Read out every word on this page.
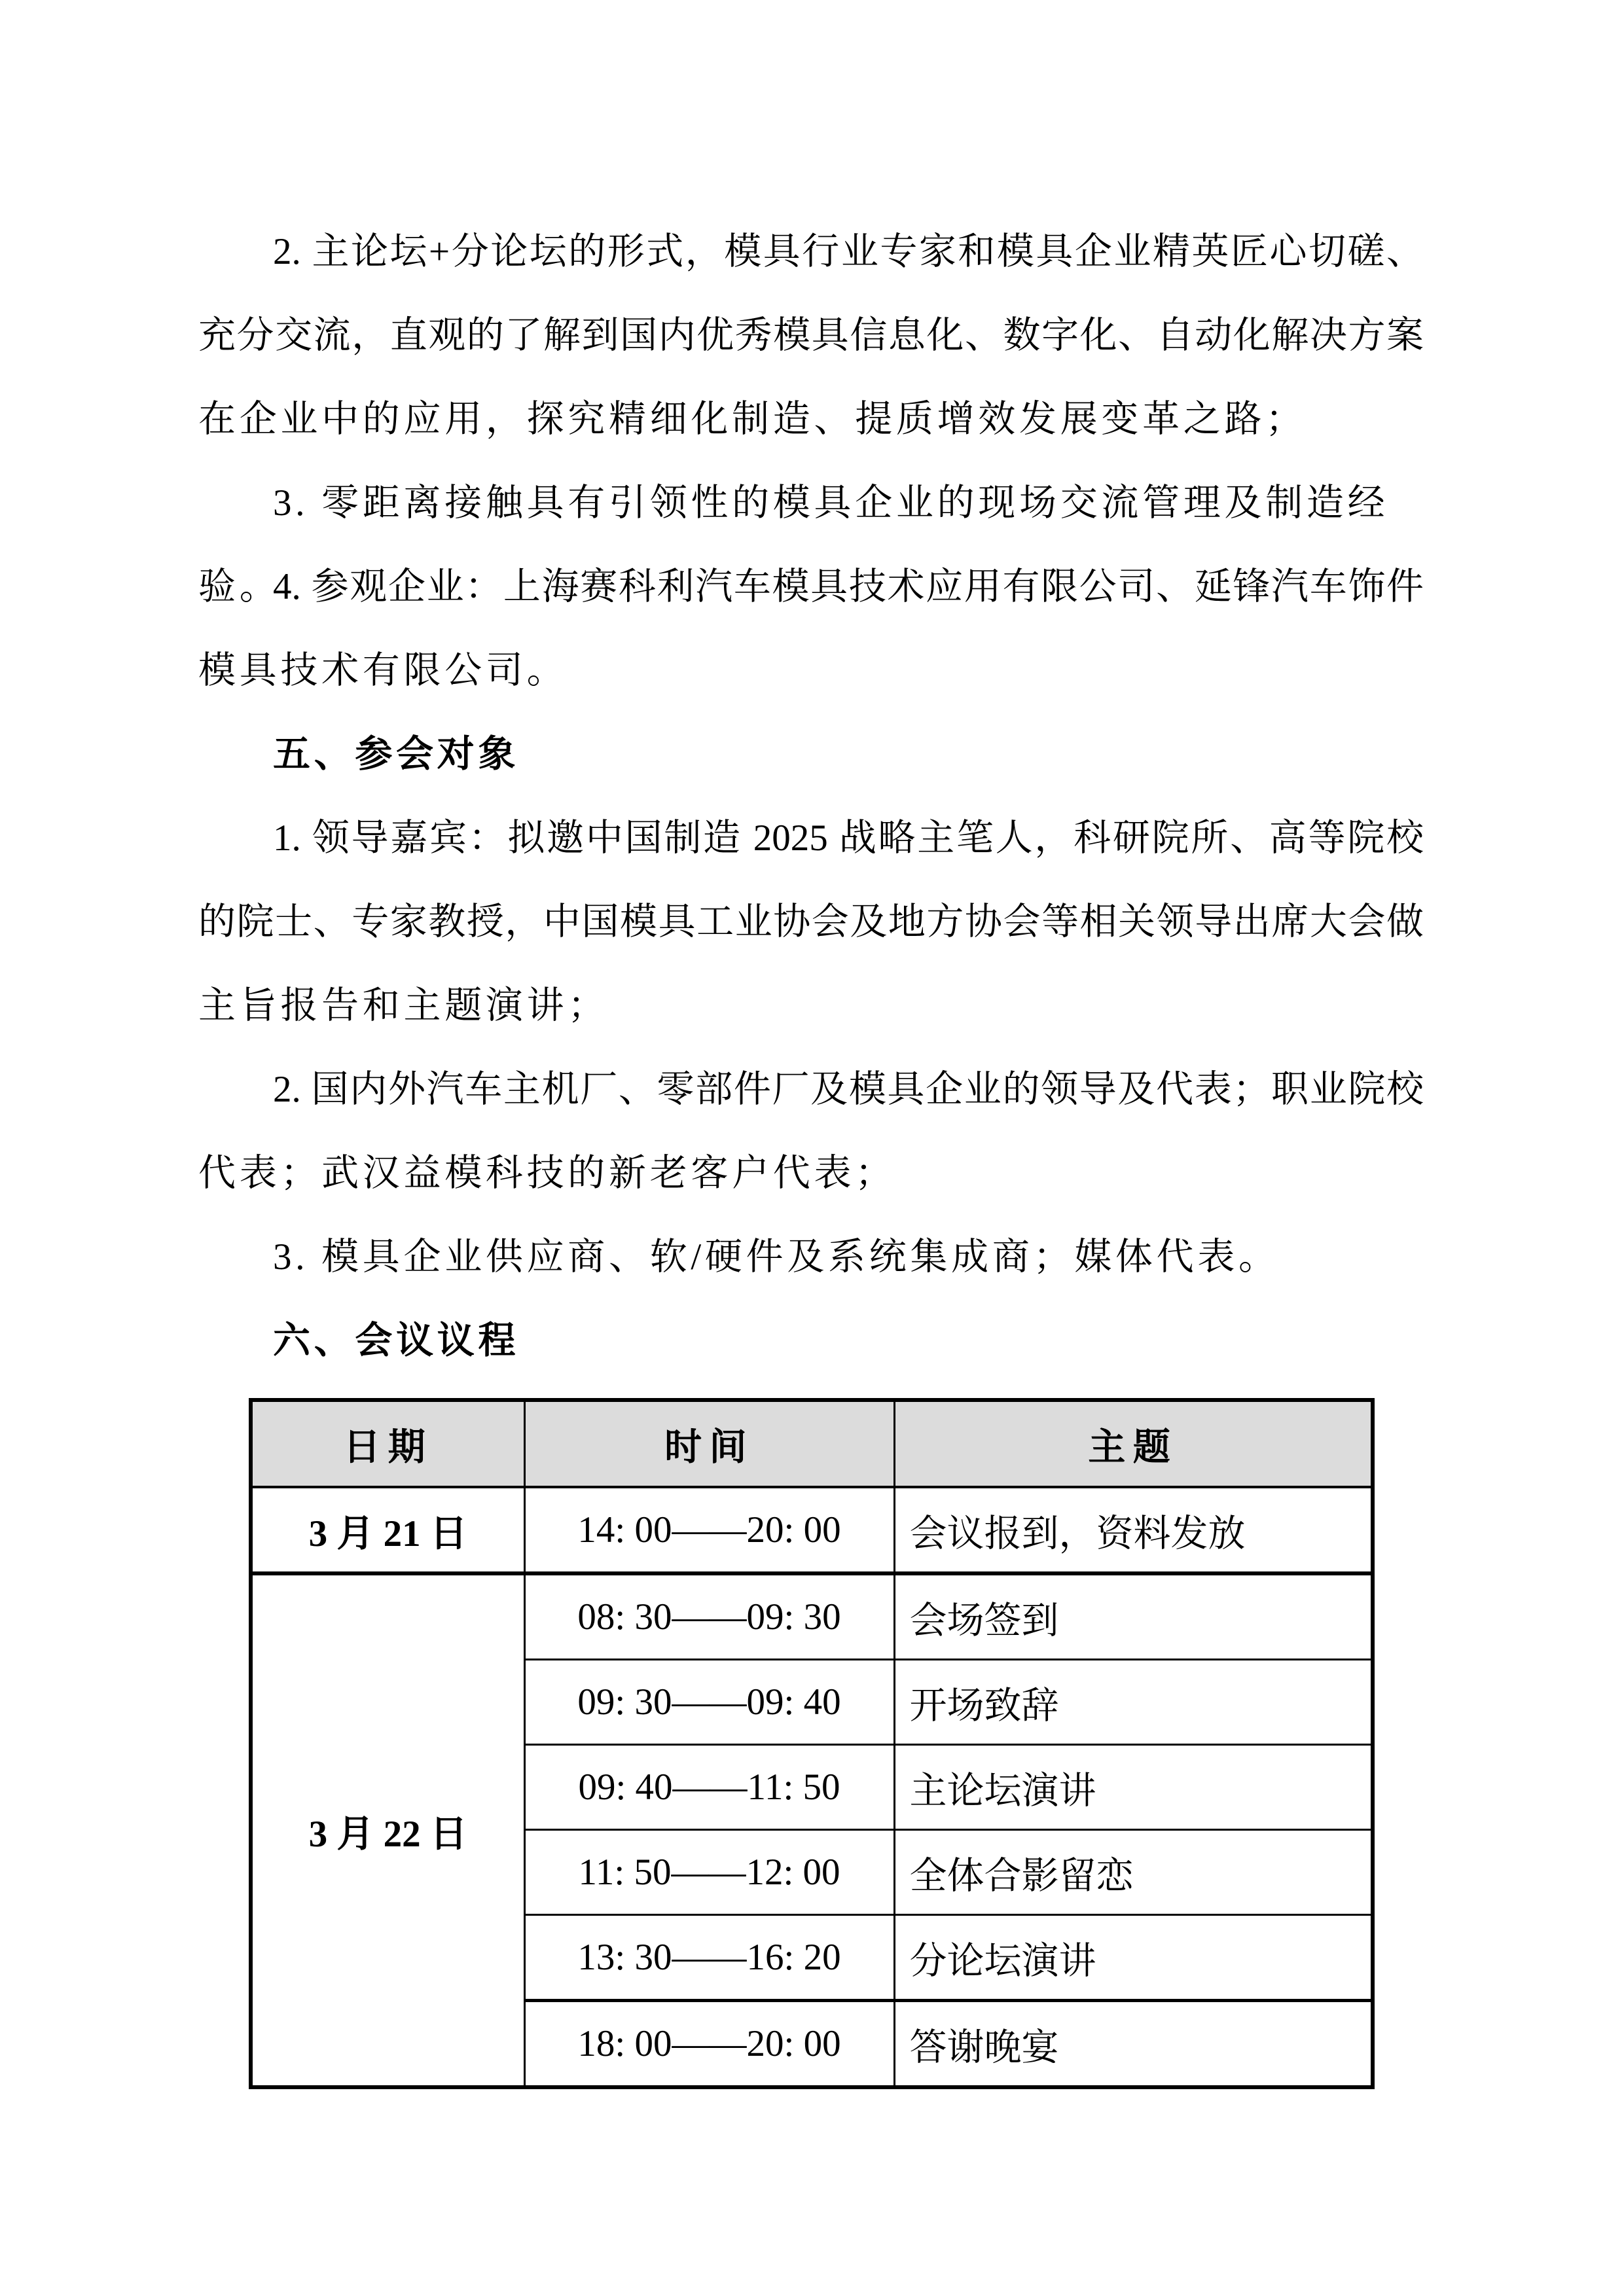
2. 主论坛+分论坛的形式，模具行业专家和模具企业精英匠心切磋、
充分交流，直观的了解到国内优秀模具信息化、数字化、自动化解决方案
在企业中的应用，探究精细化制造、提质增效发展变革之路；
3. 零距离接触具有引领性的模具企业的现场交流管理及制造经验。
4. 参观企业：上海赛科利汽车模具技术应用有限公司、延锋汽车饰件
模具技术有限公司。
五、参会对象
1. 领导嘉宾：拟邀中国制造 2025 战略主笔人，科研院所、高等院校
的院士、专家教授，中国模具工业协会及地方协会等相关领导出席大会做
主旨报告和主题演讲；
2. 国内外汽车主机厂、零部件厂及模具企业的领导及代表；职业院校
代表；武汉益模科技的新老客户代表；
3. 模具企业供应商、软/硬件及系统集成商；媒体代表。
六、会议议程
日期	时间	主题
3 月 21 日	14: 00——20: 00	会议报到，资料发放
3 月 22 日	08: 30——09: 30	会场签到
	09: 30——09: 40	开场致辞
	09: 40——11: 50	主论坛演讲
	11: 50——12: 00	全体合影留恋
	13: 30——16: 20	分论坛演讲
	18: 00——20: 00	答谢晚宴
